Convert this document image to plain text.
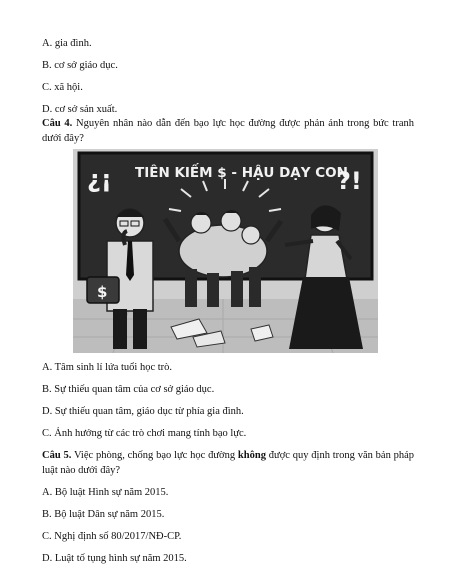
A. gia đình.
B. cơ sở giáo dục.
C. xã hội.
D. cơ sở sản xuất.
Câu 4. Nguyên nhân nào dẫn đến bạo lực học đường được phản ánh trong bức tranh
dưới đây?
¿¡ TIÊN KIẾM $ - HẬU DẠY CON
?!
$
A. Tâm sinh lí lứa tuổi học trò.
B. Sự thiếu quan tâm của cơ sở giáo dục.
D. Sự thiếu quan tâm, giáo dục từ phía gia đình.
C. Ảnh hưởng từ các trò chơi mang tính bạo lực.
Câu 5. Việc phòng, chống bạo lực học đường không được quy định trong văn bản pháp
luật nào dưới đây?
A. Bộ luật Hình sự năm 2015.
B. Bộ luật Dân sự năm 2015.
C. Nghị định số 80/2017/NĐ-CP.
D. Luật tố tụng hình sự năm 2015.
